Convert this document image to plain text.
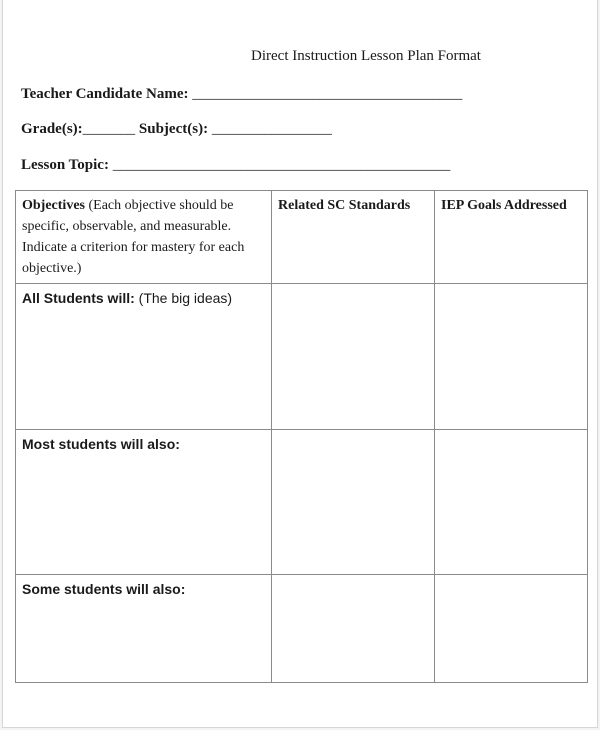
Direct Instruction Lesson Plan Format
Teacher Candidate Name: ____________________________________
Grade(s):_______ Subject(s): ________________
Lesson Topic: _____________________________________________
Objectives (Each objective should be specific, observable, and measurable. Indicate a criterion for mastery for each objective.)	Related SC Standards	IEP Goals Addressed
All Students will: (The big ideas)		
Most students will also:		
Some students will also:		
